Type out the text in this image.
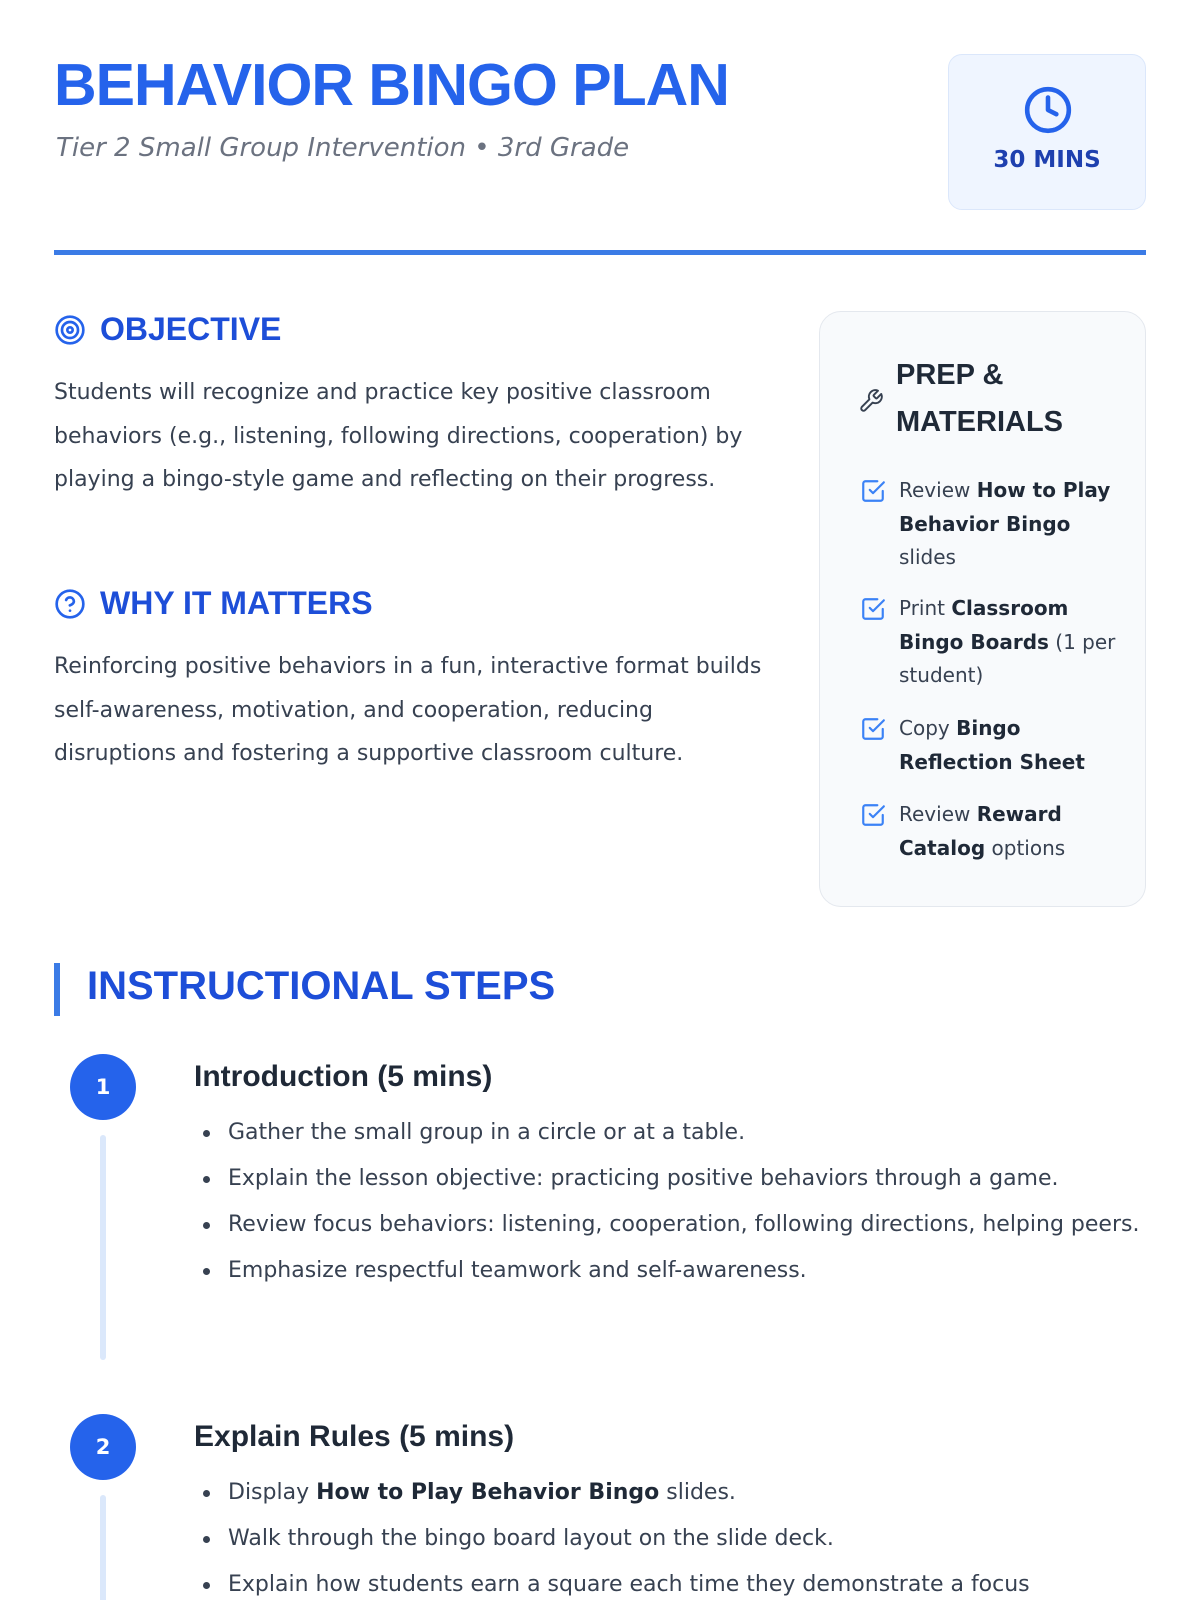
BEHAVIOR BINGO PLAN
Tier 2 Small Group Intervention • 3rd Grade	30 MINS
OBJECTIVE

Students will recognize and practice key positive classroom behaviors (e.g., listening, following directions, cooperation) by playing a bingo-style game and reflecting on their progress.

WHY IT MATTERS

Reinforcing positive behaviors in a fun, interactive format builds self-awareness, motivation, and cooperation, reducing disruptions and fostering a supportive classroom culture.

PREP & MATERIALS
Review How to Play Behavior Bingo slides
Print Classroom Bingo Boards (1 per student)
Copy Bingo Reflection Sheet
Review Reward Catalog options
INSTRUCTIONAL STEPS
1	Introduction (5 mins)
Gather the small group in a circle or at a table.
Explain the lesson objective: practicing positive behaviors through a game.
Review focus behaviors: listening, cooperation, following directions, helping peers.
Emphasize respectful teamwork and self-awareness.
2	Explain Rules (5 mins)
Display How to Play Behavior Bingo slides.
Walk through the bingo board layout on the slide deck.
Explain how students earn a square each time they demonstrate a focus
